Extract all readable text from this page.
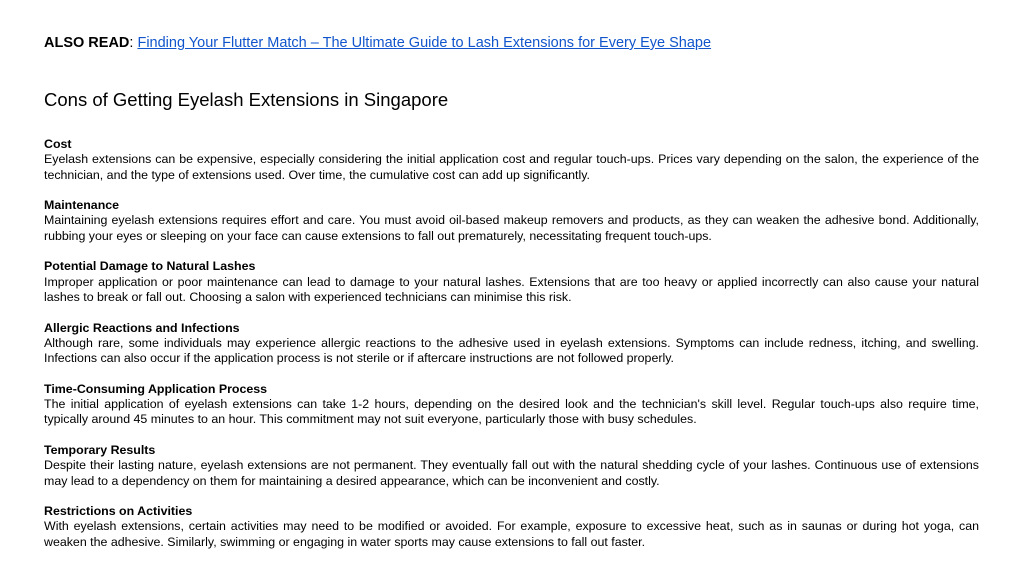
ALSO READ: Finding Your Flutter Match – The Ultimate Guide to Lash Extensions for Every Eye Shape
Cons of Getting Eyelash Extensions in Singapore
Cost

Eyelash extensions can be expensive, especially considering the initial application cost and regular touch-ups. Prices vary depending on the salon, the experience of the technician, and the type of extensions used. Over time, the cumulative cost can add up significantly.

Maintenance

Maintaining eyelash extensions requires effort and care. You must avoid oil-based makeup removers and products, as they can weaken the adhesive bond. Additionally, rubbing your eyes or sleeping on your face can cause extensions to fall out prematurely, necessitating frequent touch-ups.

Potential Damage to Natural Lashes

Improper application or poor maintenance can lead to damage to your natural lashes. Extensions that are too heavy or applied incorrectly can also cause your natural lashes to break or fall out. Choosing a salon with experienced technicians can minimise this risk.

Allergic Reactions and Infections

Although rare, some individuals may experience allergic reactions to the adhesive used in eyelash extensions. Symptoms can include redness, itching, and swelling. Infections can also occur if the application process is not sterile or if aftercare instructions are not followed properly.

Time-Consuming Application Process

The initial application of eyelash extensions can take 1-2 hours, depending on the desired look and the technician's skill level. Regular touch-ups also require time, typically around 45 minutes to an hour. This commitment may not suit everyone, particularly those with busy schedules.

Temporary Results

Despite their lasting nature, eyelash extensions are not permanent. They eventually fall out with the natural shedding cycle of your lashes. Continuous use of extensions may lead to a dependency on them for maintaining a desired appearance, which can be inconvenient and costly.

Restrictions on Activities

With eyelash extensions, certain activities may need to be modified or avoided. For example, exposure to excessive heat, such as in saunas or during hot yoga, can weaken the adhesive. Similarly, swimming or engaging in water sports may cause extensions to fall out faster.
